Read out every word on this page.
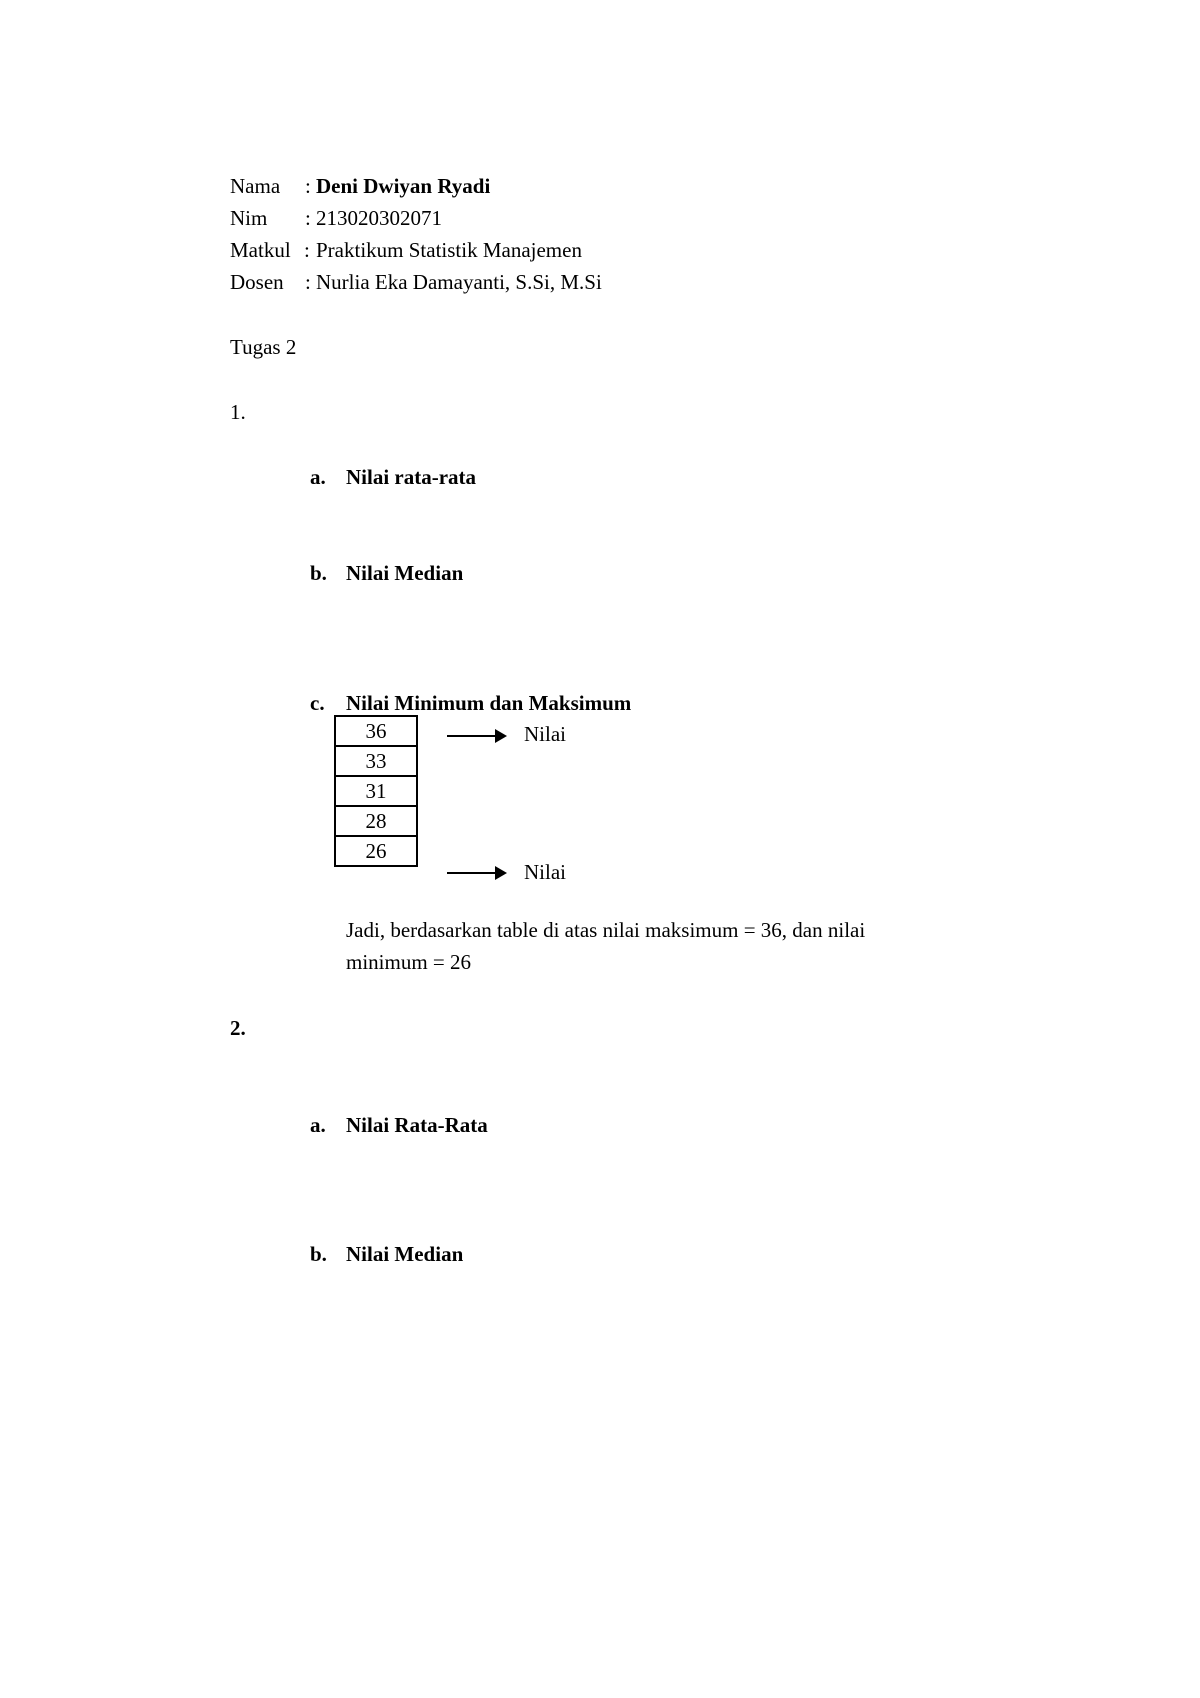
Nama : Deni Dwiyan Ryadi
Nim : 213020302071
Matkul : Praktikum Statistik Manajemen
Dosen : Nurlia Eka Damayanti, S.Si, M.Si
Tugas 2
1.
a. Nilai rata-rata
b. Nilai Median
c. Nilai Minimum dan Maksimum
36
33
31
28
26
Nilai
Nilai
Jadi, berdasarkan table di atas nilai maksimum = 36, dan nilai
minimum = 26
2.
a. Nilai Rata-Rata
b. Nilai Median
